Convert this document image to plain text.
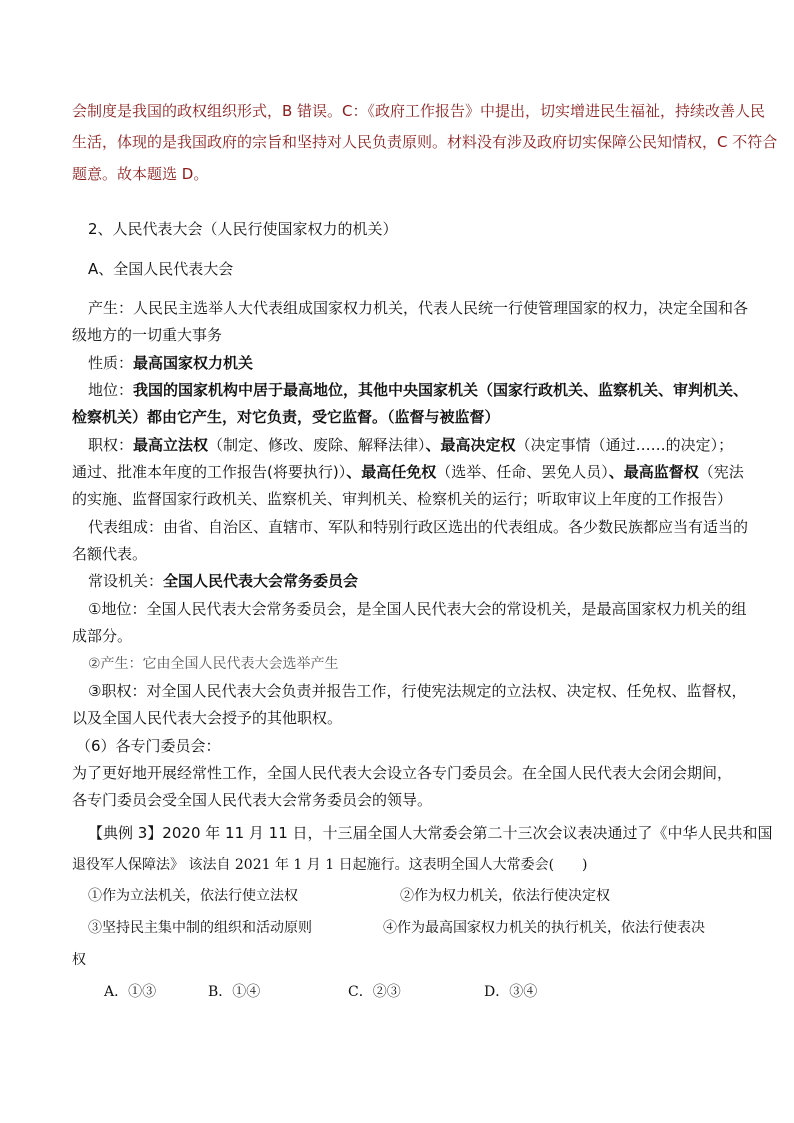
会制度是我国的政权组织形式，B 错误。C：《政府工作报告》中提出，切实增进民生福祉，持续改善人民
生活，体现的是我国政府的宗旨和坚持对人民负责原则。材料没有涉及政府切实保障公民知情权，C 不符合
题意。故本题选 D。
2、人民代表大会（人民行使国家权力的机关）
A、全国人民代表大会
产生：人民民主选举人大代表组成国家权力机关，代表人民统一行使管理国家的权力，决定全国和各
级地方的一切重大事务
性质：最高国家权力机关
地位：我国的国家机构中居于最高地位，其他中央国家机关（国家行政机关、监察机关、审判机关、
检察机关）都由它产生，对它负责，受它监督。（监督与被监督）
职权：最高立法权（制定、修改、废除、解释法律）、最高决定权（决定事情（通过……的决定）；
通过、批准本年度的工作报告(将要执行)）、最高任免权（选举、任命、罢免人员）、最高监督权（宪法
的实施、监督国家行政机关、监察机关、审判机关、检察机关的运行；听取审议上年度的工作报告）
代表组成：由省、自治区、直辖市、军队和特别行政区选出的代表组成。各少数民族都应当有适当的
名额代表。
常设机关：全国人民代表大会常务委员会
①地位：全国人民代表大会常务委员会，是全国人民代表大会的常设机关，是最高国家权力机关的组
成部分。
②产生：它由全国人民代表大会选举产生
③职权：对全国人民代表大会负责并报告工作，行使宪法规定的立法权、决定权、任免权、监督权，
以及全国人民代表大会授予的其他职权。
（6）各专门委员会：
为了更好地开展经常性工作，全国人民代表大会设立各专门委员会。在全国人民代表大会闭会期间，
各专门委员会受全国人民代表大会常务委员会的领导。
【典例 3】2020 年 11 月 11 日，十三届全国人大常委会第二十三次会议表决通过了《中华人民共和国
退役军人保障法》 该法自 2021 年 1 月 1 日起施行。这表明全国人大常委会(　　)
①作为立法机关，依法行使立法权	②作为权力机关，依法行使决定权
③坚持民主集中制的组织和活动原则	④作为最高国家权力机关的执行机关，依法行使表决
权
A．①③	B．①④	C．②③	D．③④
